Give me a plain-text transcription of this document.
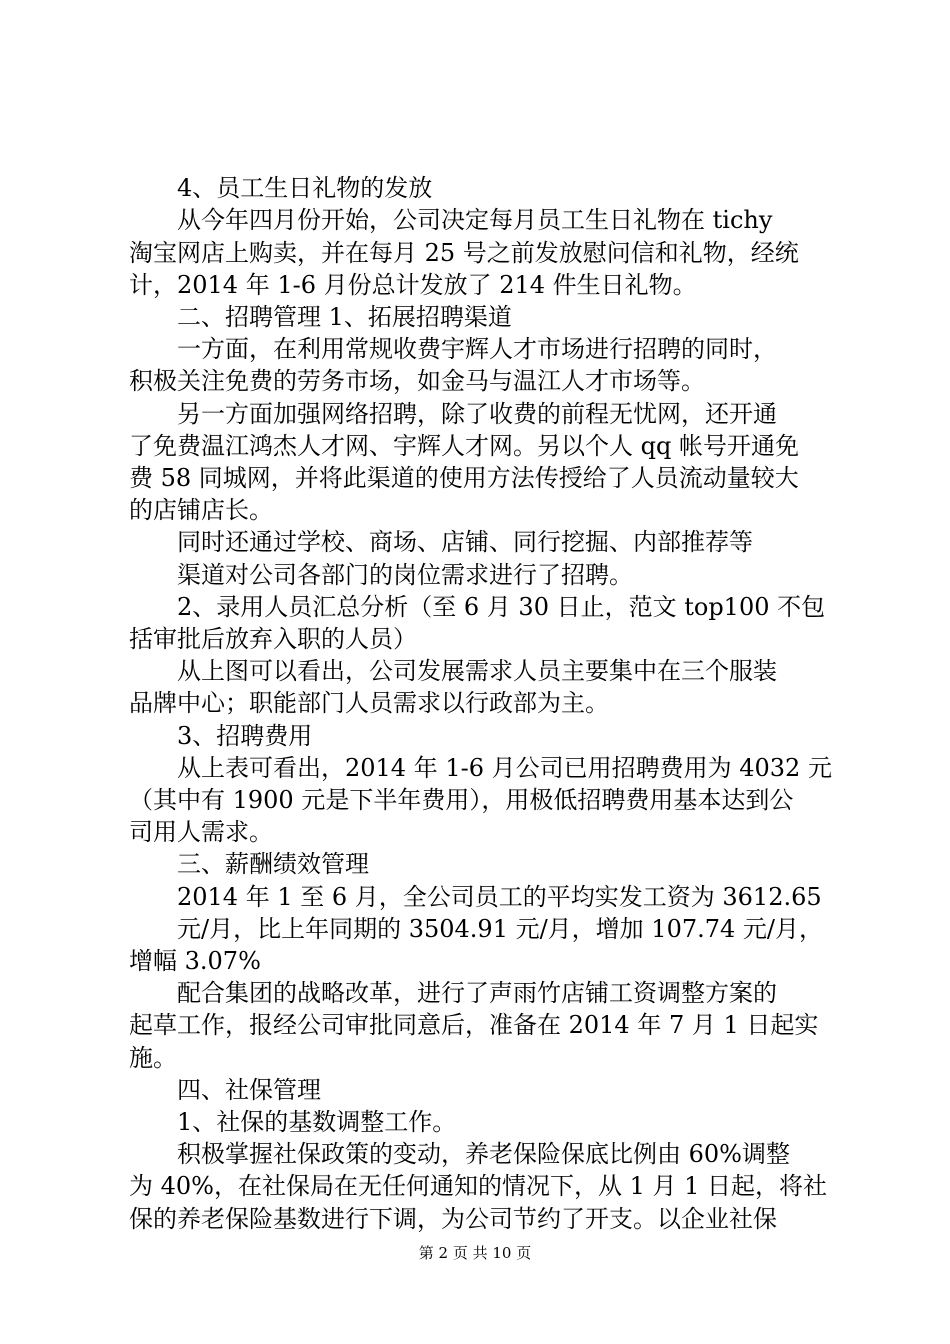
4、员工生日礼物的发放

从今年四月份开始，公司决定每月员工生日礼物在 tichy

淘宝网店上购卖，并在每月 25 号之前发放慰问信和礼物，经统

计，2014 年 1-6 月份总计发放了 214 件生日礼物。

二、招聘管理 1、拓展招聘渠道

一方面，在利用常规收费宇辉人才市场进行招聘的同时，

积极关注免费的劳务市场，如金马与温江人才市场等。

另一方面加强网络招聘，除了收费的前程无忧网，还开通

了免费温江鸿杰人才网、宇辉人才网。另以个人 qq 帐号开通免

费 58 同城网，并将此渠道的使用方法传授给了人员流动量较大

的店铺店长。

同时还通过学校、商场、店铺、同行挖掘、内部推荐等

渠道对公司各部门的岗位需求进行了招聘。

2、录用人员汇总分析（至 6 月 30 日止，范文 top100 不包

括审批后放弃入职的人员）

从上图可以看出，公司发展需求人员主要集中在三个服装

品牌中心；职能部门人员需求以行政部为主。

3、招聘费用

从上表可看出，2014 年 1-6 月公司已用招聘费用为 4032 元

（其中有 1900 元是下半年费用），用极低招聘费用基本达到公

司用人需求。

三、薪酬绩效管理

2014 年 1 至 6 月，全公司员工的平均实发工资为 3612.65

元/月，比上年同期的 3504.91 元/月，增加 107.74 元/月，

增幅 3.07%

配合集团的战略改革，进行了声雨竹店铺工资调整方案的

起草工作，报经公司审批同意后，准备在 2014 年 7 月 1 日起实

施。

四、社保管理

1、社保的基数调整工作。

积极掌握社保政策的变动，养老保险保底比例由 60%调整

为 40%，在社保局在无任何通知的情况下，从 1 月 1 日起，将社

保的养老保险基数进行下调，为公司节约了开支。以企业社保

第 2 页 共 10 页
